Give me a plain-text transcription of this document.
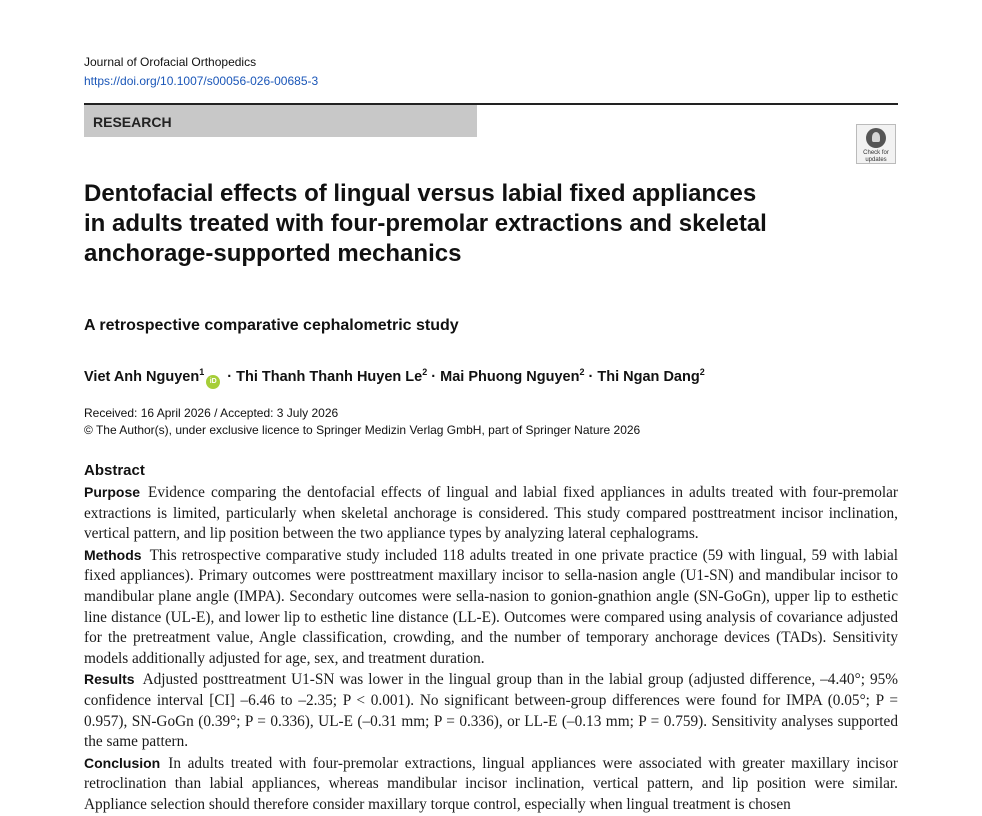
Journal of Orofacial Orthopedics
https://doi.org/10.1007/s00056-026-00685-3
RESEARCH
Check for updates
Dentofacial effects of lingual versus labial fixed appliances in adults treated with four-premolar extractions and skeletal anchorage-supported mechanics
A retrospective comparative cephalometric study
Viet Anh Nguyen$^1$iD · Thi Thanh Thanh Huyen $Le^2$ · Mai Phuong Nguyen$^2$ · Thi Ngan Dang$^2$
Received: 16 April 2026 / Accepted: 3 July 2026
© The Author(s), under exclusive licence to Springer Medizin Verlag GmbH, part of Springer Nature 2026
Abstract

Purpose Evidence comparing the dentofacial effects of lingual and labial fixed appliances in adults treated with four-premolar extractions is limited, particularly when skeletal anchorage is considered. This study compared posttreatment incisor inclination, vertical pattern, and lip position between the two appliance types by analyzing lateral cephalograms.

Methods This retrospective comparative study included 118 adults treated in one private practice (59 with lingual, 59 with labial fixed appliances). Primary outcomes were posttreatment maxillary incisor to sella-nasion angle (U1-SN) and mandibular incisor to mandibular plane angle (IMPA). Secondary outcomes were sella-nasion to gonion-gnathion angle (SN-GoGn), upper lip to esthetic line distance (UL-E), and lower lip to esthetic line distance (LL-E). Outcomes were compared using analysis of covariance adjusted for the pretreatment value, Angle classification, crowding, and the number of temporary anchorage devices (TADs). Sensitivity models additionally adjusted for age, sex, and treatment duration.

Results Adjusted posttreatment U1-SN was lower in the lingual group than in the labial group (adjusted difference, –4.40°; 95% confidence interval [CI] –6.46 to –2.35; P < 0.001). No significant between-group differences were found for IMPA (0.05°; P = 0.957), SN-GoGn (0.39°; P = 0.336), UL-E (–0.31 mm; P = 0.336), or LL-E (–0.13 mm; P = 0.759). Sensitivity analyses supported the same pattern.

Conclusion In adults treated with four-premolar extractions, lingual appliances were associated with greater maxillary incisor retroclination than labial appliances, whereas mandibular incisor inclination, vertical pattern, and lip position were similar. Appliance selection should therefore consider maxillary torque control, especially when lingual treatment is chosen
